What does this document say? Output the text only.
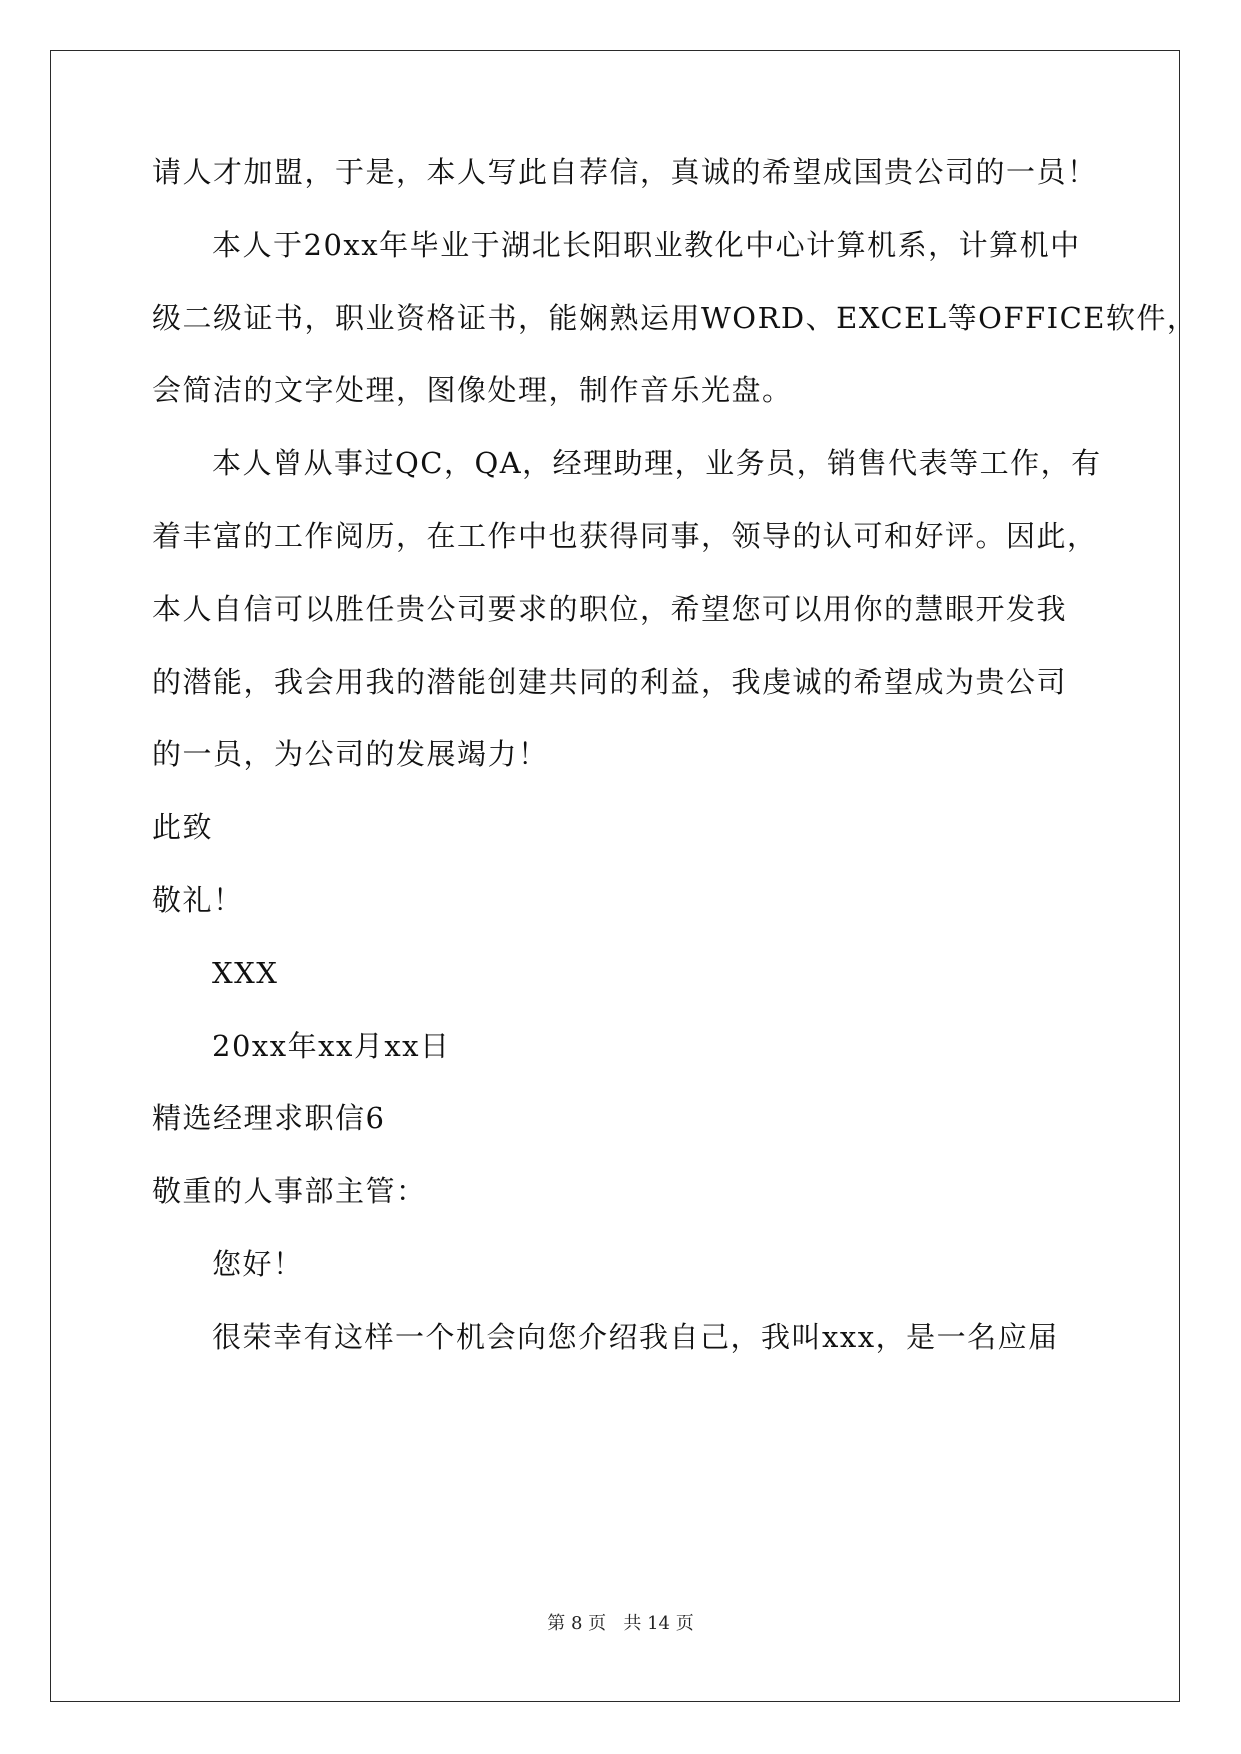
请人才加盟，于是，本人写此自荐信，真诚的希望成国贵公司的一员！
本人于20xx年毕业于湖北长阳职业教化中心计算机系，计算机中
级二级证书，职业资格证书，能娴熟运用WORD、EXCEL等OFFICE软件，
会简洁的文字处理，图像处理，制作音乐光盘。
本人曾从事过QC，QA，经理助理，业务员，销售代表等工作，有
着丰富的工作阅历，在工作中也获得同事，领导的认可和好评。因此，
本人自信可以胜任贵公司要求的职位，希望您可以用你的慧眼开发我
的潜能，我会用我的潜能创建共同的利益，我虔诚的希望成为贵公司
的一员，为公司的发展竭力！
此致
敬礼！
XXX
20xx年xx月xx日
精选经理求职信6
敬重的人事部主管：
您好！
很荣幸有这样一个机会向您介绍我自己，我叫xxx，是一名应届
第 8 页   共 14 页
